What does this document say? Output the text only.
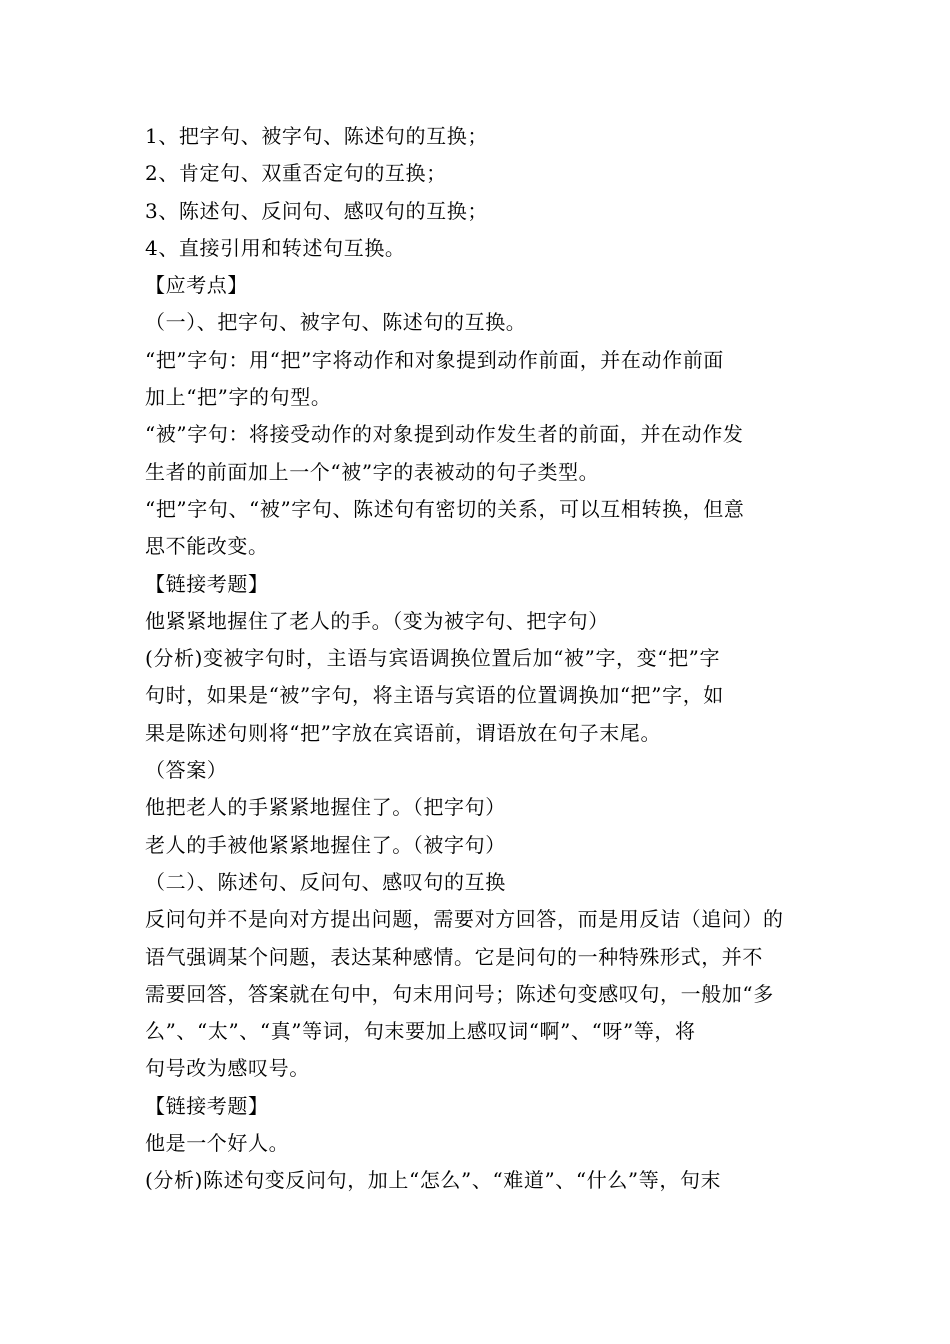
1、把字句、被字句、陈述句的互换；
2、肯定句、双重否定句的互换；
3、陈述句、反问句、感叹句的互换；
4、直接引用和转述句互换。
【应考点】
（一）、把字句、被字句、陈述句的互换。
“把”字句：用“把”字将动作和对象提到动作前面，并在动作前面
加上“把”字的句型。
“被”字句：将接受动作的对象提到动作发生者的前面，并在动作发
生者的前面加上一个“被”字的表被动的句子类型。
“把”字句、“被”字句、陈述句有密切的关系，可以互相转换，但意
思不能改变。
【链接考题】
他紧紧地握住了老人的手。（变为被字句、把字句）
(分析)变被字句时，主语与宾语调换位置后加“被”字，变“把”字
句时，如果是“被”字句，将主语与宾语的位置调换加“把”字，如
果是陈述句则将“把”字放在宾语前，谓语放在句子末尾。
（答案）
他把老人的手紧紧地握住了。（把字句）
老人的手被他紧紧地握住了。（被字句）
（二）、陈述句、反问句、感叹句的互换
反问句并不是向对方提出问题，需要对方回答，而是用反诘（追问）的
语气强调某个问题，表达某种感情。它是问句的一种特殊形式，并不
需要回答，答案就在句中，句末用问号；陈述句变感叹句，一般加“多
么”、“太”、“真”等词，句末要加上感叹词“啊”、“呀”等，将
句号改为感叹号。
【链接考题】
他是一个好人。
(分析)陈述句变反问句，加上“怎么”、“难道”、“什么”等，句末
